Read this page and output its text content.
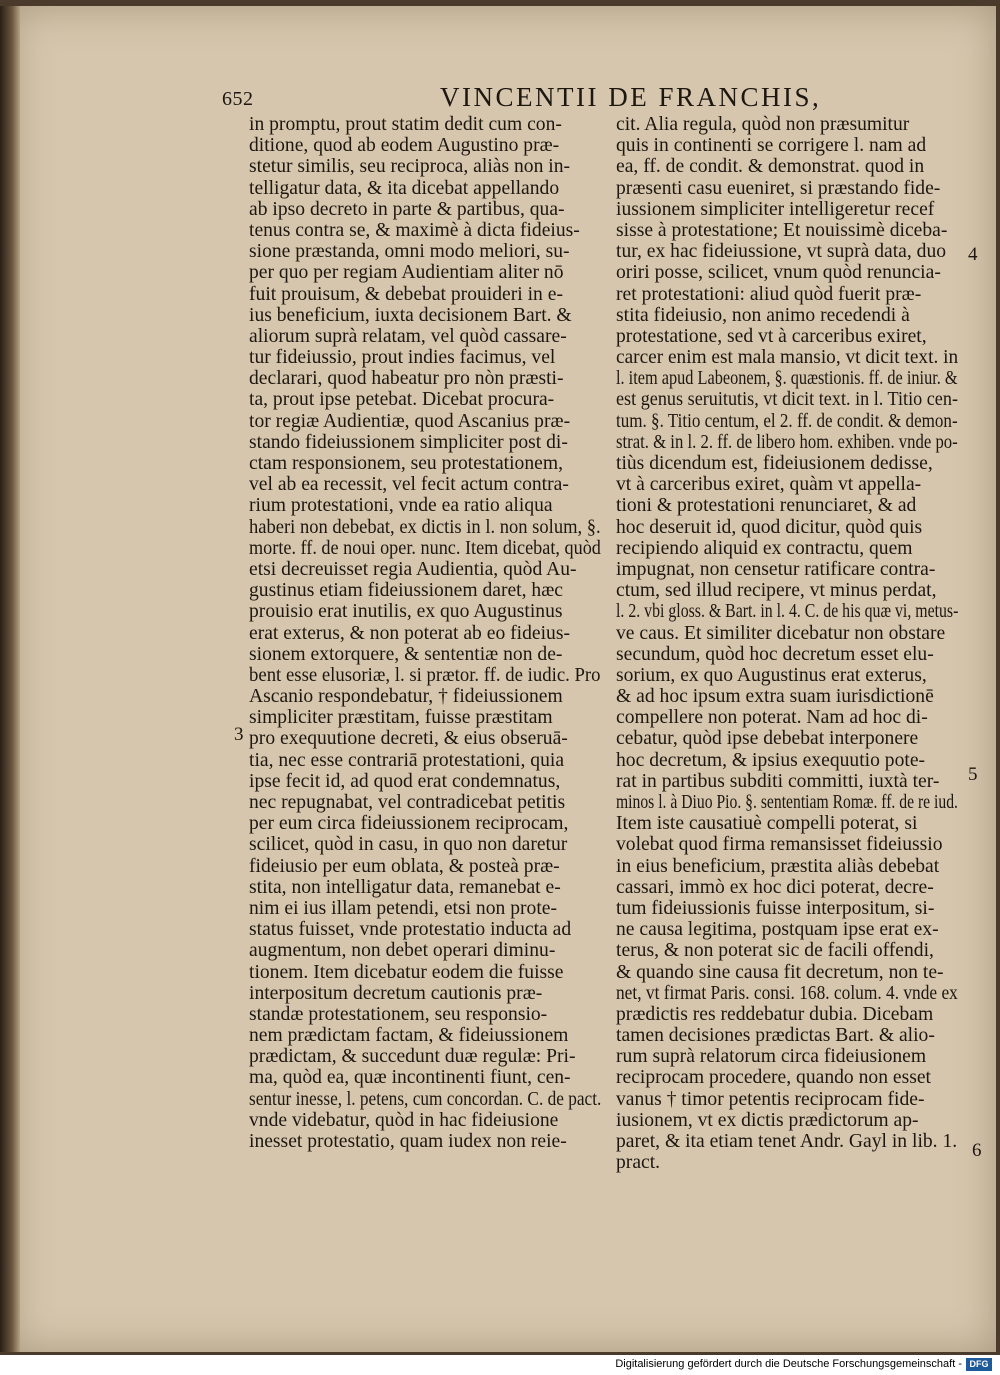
652	VINCENTII DE FRANCHIS,
in promptu, prout statim dedit cum con-
ditione, quod ab eodem Augustino præ-
stetur similis, seu reciproca, aliàs non in-
telligatur data, & ita dicebat appellando
ab ipso decreto in parte & partibus, qua-
tenus contra se, & maximè à dicta fideius-
sione præstanda, omni modo meliori, su-
per quo per regiam Audientiam aliter nō
fuit prouisum, & debebat prouideri in e-
ius beneficium, iuxta decisionem Bart. &
aliorum suprà relatam, vel quòd cassare-
tur fideiussio, prout indies facimus, vel
declarari, quod habeatur pro nòn præsti-
ta, prout ipse petebat. Dicebat procura-
tor regiæ Audientiæ, quod Ascanius præ-
stando fideiussionem simpliciter post di-
ctam responsionem, seu protestationem,
vel ab ea recessit, vel fecit actum contra-
rium protestationi, vnde ea ratio aliqua
haberi non debebat, ex dictis in l. non solum, §.
morte. ff. de noui oper. nunc. Item dicebat, quòd
etsi decreuisset regia Audientia, quòd Au-
gustinus etiam fideiussionem daret, hæc
prouisio erat inutilis, ex quo Augustinus
erat exterus, & non poterat ab eo fideius-
sionem extorquere, & sententiæ non de-
bent esse elusoriæ, l. si prætor. ff. de iudic. Pro
Ascanio respondebatur, † fideiussionem
simpliciter præstitam, fuisse præstitam
pro exequutione decreti, & eius obseruā-
tia, nec esse contrariā protestationi, quia
ipse fecit id, ad quod erat condemnatus,
nec repugnabat, vel contradicebat petitis
per eum circa fideiussionem reciprocam,
scilicet, quòd in casu, in quo non daretur
fideiusio per eum oblata, & posteà præ-
stita, non intelligatur data, remanebat e-
nim ei ius illam petendi, etsi non prote-
status fuisset, vnde protestatio inducta ad
augmentum, non debet operari diminu-
tionem. Item dicebatur eodem die fuisse
interpositum decretum cautionis præ-
standæ protestationem, seu responsio-
nem prædictam factam, & fideiussionem
prædictam, & succedunt duæ regulæ: Pri-
ma, quòd ea, quæ incontinenti fiunt, cen-
sentur inesse, l. petens, cum concordan. C. de pact.
vnde videbatur, quòd in hac fideiusione
inesset protestatio, quam iudex non reie-
cit. Alia regula, quòd non præsumitur
quis in continenti se corrigere l. nam ad
ea, ff. de condit. & demonstrat. quod in
præsenti casu eueniret, si præstando fide-
iussionem simpliciter intelligeretur recef
sisse à protestatione; Et nouissimè diceba-
tur, ex hac fideiussione, vt suprà data, duo
oriri posse, scilicet, vnum quòd renuncia-
ret protestationi: aliud quòd fuerit præ-
stita fideiusio, non animo recedendi à
protestatione, sed vt à carceribus exiret,
carcer enim est mala mansio, vt dicit text. in
l. item apud Labeonem, §. quæstionis. ff. de iniur. &
est genus seruitutis, vt dicit text. in l. Titio cen-
tum. §. Titio centum, el 2. ff. de condit. & demon-
strat. & in l. 2. ff. de libero hom. exhiben. vnde po-
tiùs dicendum est, fideiusionem dedisse,
vt à carceribus exiret, quàm vt appella-
tioni & protestationi renunciaret, & ad
hoc deseruit id, quod dicitur, quòd quis
recipiendo aliquid ex contractu, quem
impugnat, non censetur ratificare contra-
ctum, sed illud recipere, vt minus perdat,
l. 2. vbi gloss. & Bart. in l. 4. C. de his quæ vi, metus-
ve caus. Et similiter dicebatur non obstare
secundum, quòd hoc decretum esset elu-
sorium, ex quo Augustinus erat exterus,
& ad hoc ipsum extra suam iurisdictionē
compellere non poterat. Nam ad hoc di-
cebatur, quòd ipse debebat interponere
hoc decretum, & ipsius exequutio pote-
rat in partibus subditi committi, iuxtà ter-
minos l. à Diuo Pio. §. sententiam Romæ. ff. de re iud.
Item iste causatiuè compelli poterat, si
volebat quod firma remansisset fideiussio
in eius beneficium, præstita aliàs debebat
cassari, immò ex hoc dici poterat, decre-
tum fideiussionis fuisse interpositum, si-
ne causa legitima, postquam ipse erat ex-
terus, & non poterat sic de facili offendi,
& quando sine causa fit decretum, non te-
net, vt firmat Paris. consi. 168. colum. 4. vnde ex
prædictis res reddebatur dubia. Dicebam
tamen decisiones prædictas Bart. & alio-
rum suprà relatorum circa fideiusionem
reciprocam procedere, quando non esset
vanus † timor petentis reciprocam fide-
iusionem, vt ex dictis prædictorum ap-
paret, & ita etiam tenet Andr. Gayl in lib. 1.
pract.
3
4
5
6
Digitalisierung gefördert durch die Deutsche Forschungsgemeinschaft - DFG
